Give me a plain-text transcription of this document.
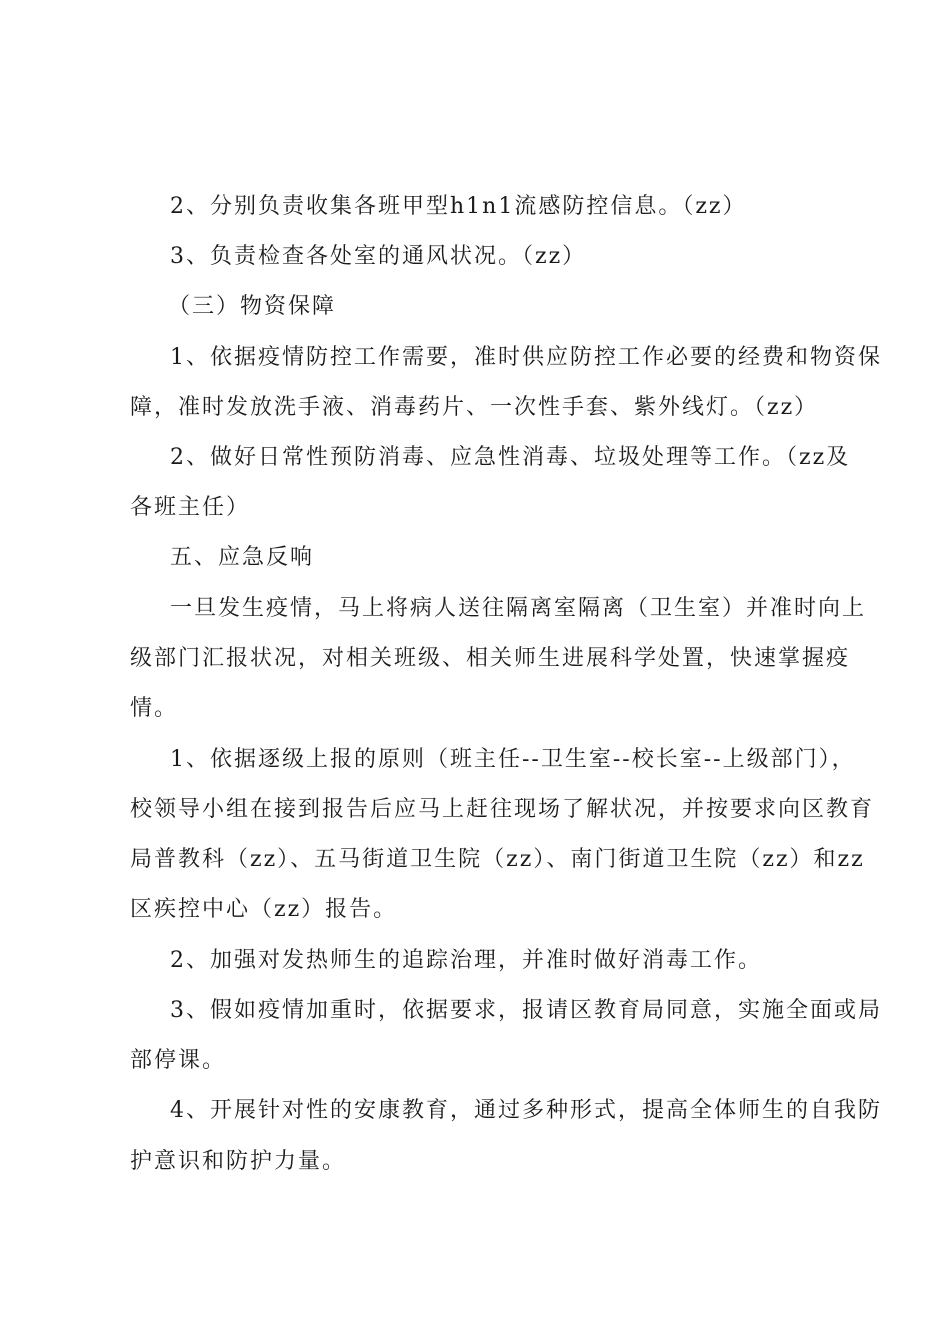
2、分别负责收集各班甲型h1n1流感防控信息。（zz）
3、负责检查各处室的通风状况。（zz）
（三）物资保障
1、依据疫情防控工作需要，准时供应防控工作必要的经费和物资保
障，准时发放洗手液、消毒药片、一次性手套、紫外线灯。（zz）
2、做好日常性预防消毒、应急性消毒、垃圾处理等工作。（zz及
各班主任）
五、应急反响
一旦发生疫情，马上将病人送往隔离室隔离（卫生室）并准时向上
级部门汇报状况，对相关班级、相关师生进展科学处置，快速掌握疫
情。
1、依据逐级上报的原则（班主任--卫生室--校长室--上级部门），
校领导小组在接到报告后应马上赶往现场了解状况，并按要求向区教育
局普教科（zz）、五马街道卫生院（zz）、南门街道卫生院（zz）和zz
区疾控中心（zz）报告。
2、加强对发热师生的追踪治理，并准时做好消毒工作。
3、假如疫情加重时，依据要求，报请区教育局同意，实施全面或局
部停课。
4、开展针对性的安康教育，通过多种形式，提高全体师生的自我防
护意识和防护力量。
